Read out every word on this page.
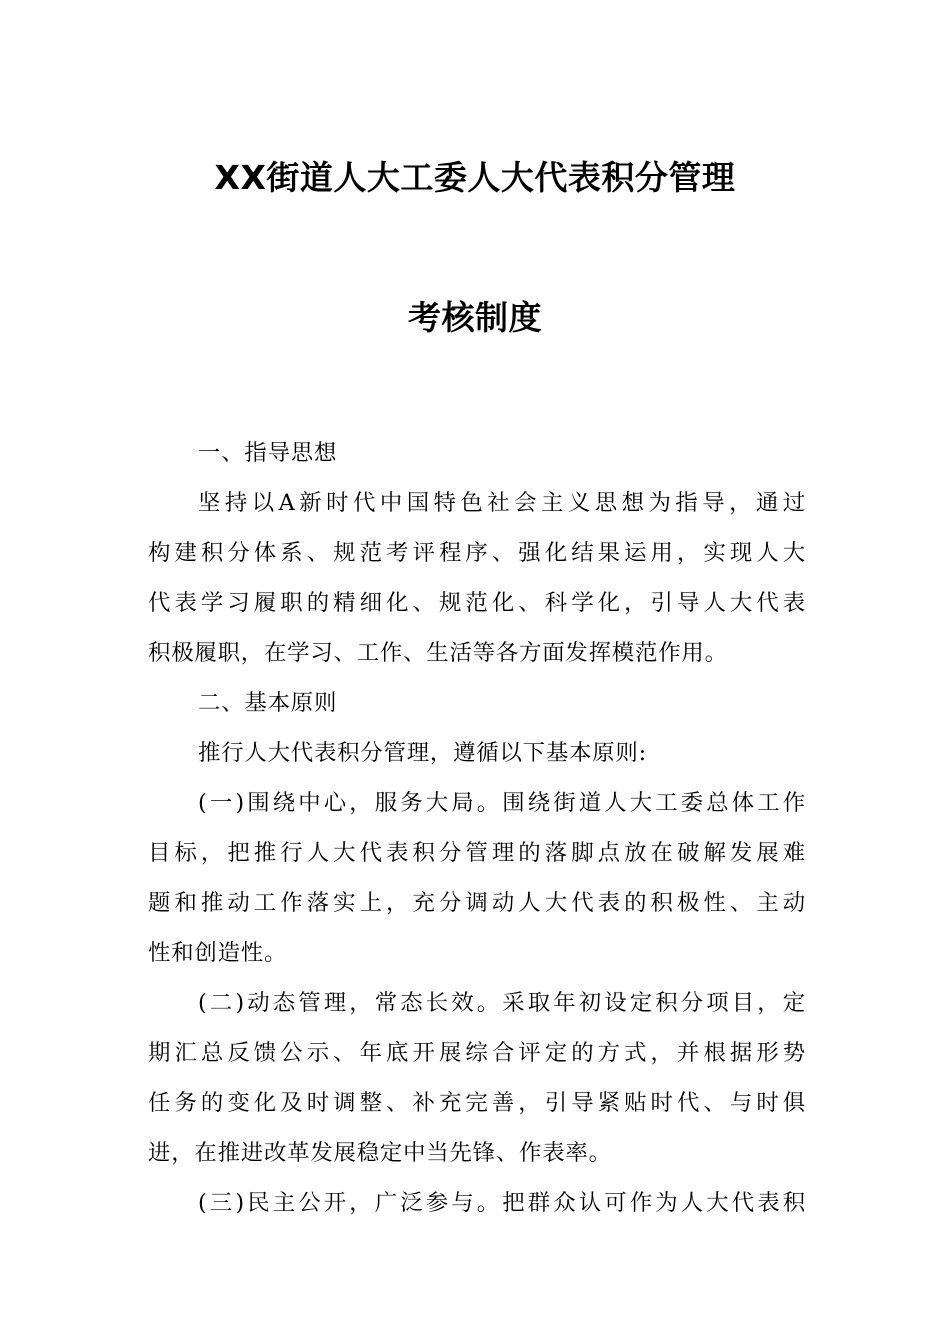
XX街道人大工委人大代表积分管理
考核制度
一、指导思想
坚持以A新时代中国特色社会主义思想为指导，通过
构建积分体系、规范考评程序、强化结果运用，实现人大
代表学习履职的精细化、规范化、科学化，引导人大代表
积极履职，在学习、工作、生活等各方面发挥模范作用。
二、基本原则
推行人大代表积分管理，遵循以下基本原则:
(一)围绕中心，服务大局。围绕街道人大工委总体工作
目标，把推行人大代表积分管理的落脚点放在破解发展难
题和推动工作落实上，充分调动人大代表的积极性、主动
性和创造性。
(二)动态管理，常态长效。采取年初设定积分项目，定
期汇总反馈公示、年底开展综合评定的方式，并根据形势
任务的变化及时调整、补充完善，引导紧贴时代、与时俱
进，在推进改革发展稳定中当先锋、作表率。
(三)民主公开，广泛参与。把群众认可作为人大代表积
